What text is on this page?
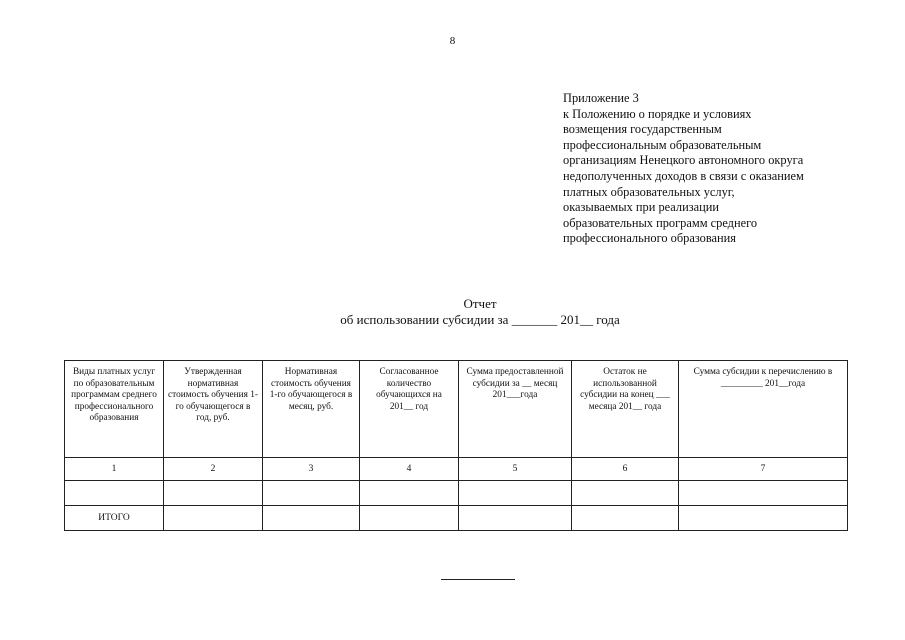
8
Приложение 3
к Положению о порядке и условиях
возмещения государственным
профессиональным образовательным
организациям Ненецкого автономного округа
недополученных доходов в связи с оказанием
платных образовательных услуг,
оказываемых при реализации
образовательных программ среднего
профессионального образования
Отчет
об использовании субсидии за _______ 201__ года
Виды платных услуг по образовательным программам среднего профессионального образования	Утвержденная нормативная стоимость обучения 1-го обучающегося в год, руб.	Нормативная стоимость обучения 1-го обучающегося в месяц, руб.	Согласованное количество обучающихся на 201__ год	Сумма предоставленной субсидии за __ месяц 201___года	Остаток не использованной субсидии на конец ___ месяца 201__ года	Сумма субсидии к перечислению в _________ 201__года
1	2	3	4	5	6	7

ИТОГО						
